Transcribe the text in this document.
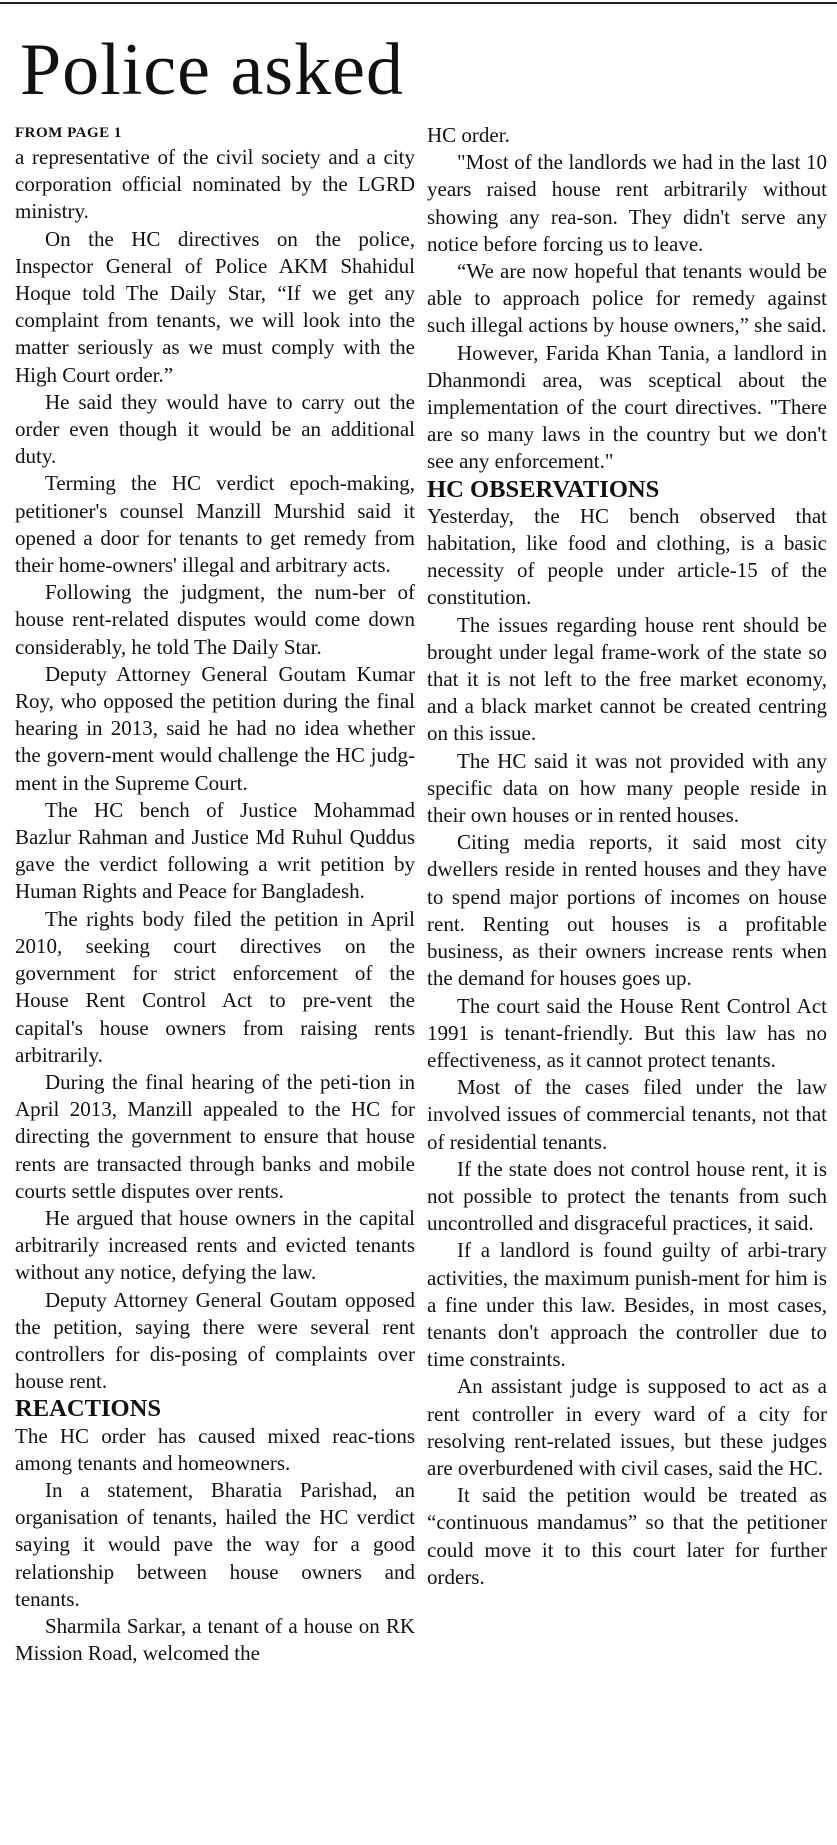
Police asked

FROM PAGE 1

a representative of the civil society and a city corporation official nominated by the LGRD ministry.

On the HC directives on the police, Inspector General of Police AKM Shahidul Hoque told The Daily Star, “If we get any complaint from tenants, we will look into the matter seriously as we must comply with the High Court order.”

He said they would have to carry out the order even though it would be an additional duty.

Terming the HC verdict epoch-making, petitioner's counsel Manzill Murshid said it opened a door for tenants to get remedy from their home-owners' illegal and arbitrary acts.

Following the judgment, the num-ber of house rent-related disputes would come down considerably, he told The Daily Star.

Deputy Attorney General Goutam Kumar Roy, who opposed the petition during the final hearing in 2013, said he had no idea whether the govern-ment would challenge the HC judg-ment in the Supreme Court.

The HC bench of Justice Mohammad Bazlur Rahman and Justice Md Ruhul Quddus gave the verdict following a writ petition by Human Rights and Peace for Bangladesh.

The rights body filed the petition in April 2010, seeking court directives on the government for strict enforcement of the House Rent Control Act to pre-vent the capital's house owners from raising rents arbitrarily.

During the final hearing of the peti-tion in April 2013, Manzill appealed to the HC for directing the government to ensure that house rents are transacted through banks and mobile courts settle disputes over rents.

He argued that house owners in the capital arbitrarily increased rents and evicted tenants without any notice, defying the law.

Deputy Attorney General Goutam opposed the petition, saying there were several rent controllers for dis-posing of complaints over house rent.

REACTIONS

The HC order has caused mixed reac-tions among tenants and homeowners.

In a statement, Bharatia Parishad, an organisation of tenants, hailed the HC verdict saying it would pave the way for a good relationship between house owners and tenants.

Sharmila Sarkar, a tenant of a house on RK Mission Road, welcomed the

HC order.

"Most of the landlords we had in the last 10 years raised house rent arbitrarily without showing any rea-son. They didn't serve any notice before forcing us to leave.

“We are now hopeful that tenants would be able to approach police for remedy against such illegal actions by house owners,” she said.

However, Farida Khan Tania, a landlord in Dhanmondi area, was sceptical about the implementation of the court directives. "There are so many laws in the country but we don't see any enforcement."

HC OBSERVATIONS

Yesterday, the HC bench observed that habitation, like food and clothing, is a basic necessity of people under article-15 of the constitution.

The issues regarding house rent should be brought under legal frame-work of the state so that it is not left to the free market economy, and a black market cannot be created centring on this issue.

The HC said it was not provided with any specific data on how many people reside in their own houses or in rented houses.

Citing media reports, it said most city dwellers reside in rented houses and they have to spend major portions of incomes on house rent. Renting out houses is a profitable business, as their owners increase rents when the demand for houses goes up.

The court said the House Rent Control Act 1991 is tenant-friendly. But this law has no effectiveness, as it cannot protect tenants.

Most of the cases filed under the law involved issues of commercial tenants, not that of residential tenants.

If the state does not control house rent, it is not possible to protect the tenants from such uncontrolled and disgraceful practices, it said.

If a landlord is found guilty of arbi-trary activities, the maximum punish-ment for him is a fine under this law. Besides, in most cases, tenants don't approach the controller due to time constraints.

An assistant judge is supposed to act as a rent controller in every ward of a city for resolving rent-related issues, but these judges are overburdened with civil cases, said the HC.

It said the petition would be treated as “continuous mandamus” so that the petitioner could move it to this court later for further orders.
